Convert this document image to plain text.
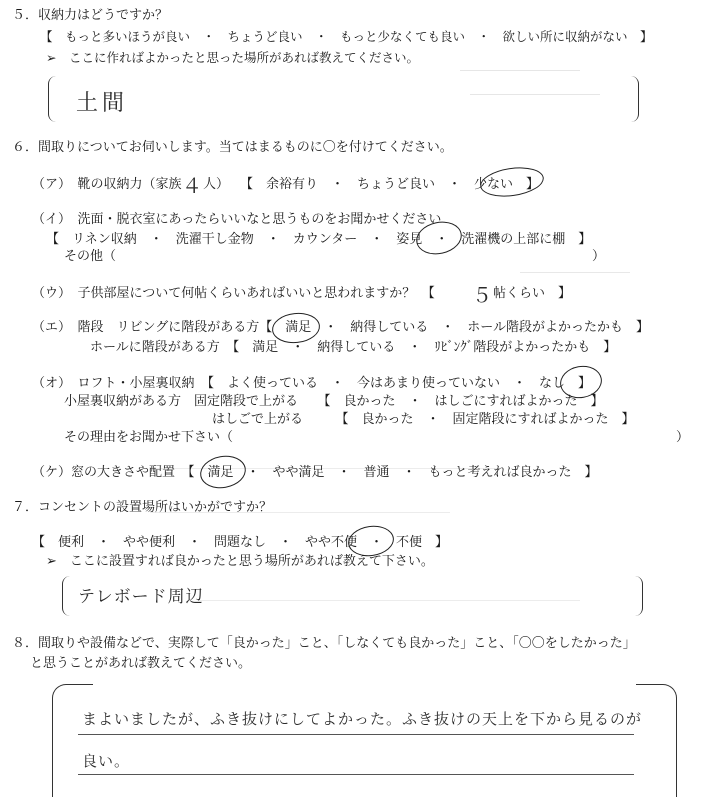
５．収納力はどうですか？
【　もっと多いほうが良い　・　ちょうど良い　・　もっと少なくても良い　・　欲しい所に収納がない　】
➢　ここに作ればよかったと思った場所があれば教えてください。
土間
６．間取りについてお伺いします。当てはまるものに〇を付けてください。
（ア）　靴の収納力（家族 ４ 人） 【　余裕有り　・　ちょうど良い　・　少ない　】
（イ）　洗面・脱衣室にあったらいいなと思うものをお聞かせください
【　リネン収納　・　洗濯干し金物　・　カウンター　・　姿見　・　洗濯機の上部に棚　】
その他（	）
（ウ）　子供部屋について何帖くらいあればいいと思われますか？　【 ５ 帖くらい　】
（エ）　階段　リビングに階段がある方【　満足　・　納得している　・　ホール階段がよかったかも　】
ホールに階段がある方　【　満足　・　納得している　・　ﾘﾋﾞﾝｸﾞ階段がよかったかも　】
（オ）　ロフト・小屋裏収納　【　よく使っている　・　今はあまり使っていない　・　なし　】
小屋裏収納がある方　固定階段で上がる　　【　良かった　・　はしごにすればよかった　】
はしごで上がる　　　【　良かった　・　固定階段にすればよかった　】
その理由をお聞かせ下さい（	）
（ケ）窓の大きさや配置　【　満足　・　やや満足　・　普通　・　もっと考えれば良かった　】
７．コンセントの設置場所はいかがですか？
【　便利　・　やや便利　・　問題なし　・　やや不便　・　不便　】
➢　ここに設置すれば良かったと思う場所があれば教えて下さい。
テレボード周辺
８．間取りや設備などで、実際して「良かった」こと、「しなくても良かった」こと、「〇〇をしたかった」
と思うことがあれば教えてください。
まよいましたが、ふき抜けにしてよかった。ふき抜けの天上を下から見るのが
良い。
